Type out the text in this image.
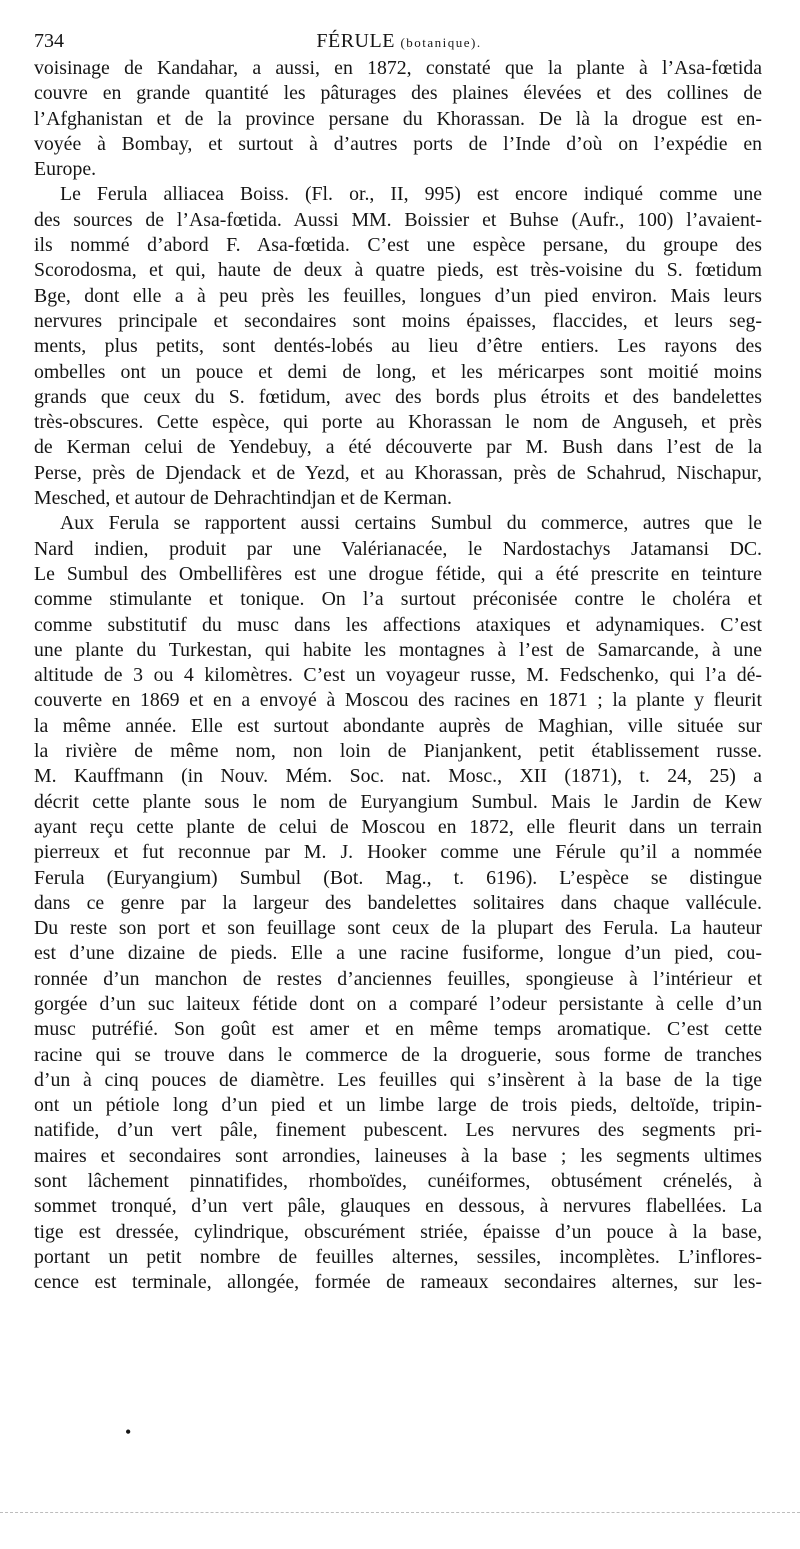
734	FÉRULE (botanique).
voisinage de Kandahar, a aussi, en 1872, constaté que la plante à l’Asa-fœtida
couvre en grande quantité les pâturages des plaines élevées et des collines de
l’Afghanistan et de la province persane du Khorassan. De là la drogue est en-
voyée à Bombay, et surtout à d’autres ports de l’Inde d’où on l’expédie en
Europe.
Le Ferula alliacea Boiss. (Fl. or., II, 995) est encore indiqué comme une
des sources de l’Asa-fœtida. Aussi MM. Boissier et Buhse (Aufr., 100) l’avaient-
ils nommé d’abord F. Asa-fœtida. C’est une espèce persane, du groupe des
Scorodosma, et qui, haute de deux à quatre pieds, est très-voisine du S. fœtidum
Bge, dont elle a à peu près les feuilles, longues d’un pied environ. Mais leurs
nervures principale et secondaires sont moins épaisses, flaccides, et leurs seg-
ments, plus petits, sont dentés-lobés au lieu d’être entiers. Les rayons des
ombelles ont un pouce et demi de long, et les méricarpes sont moitié moins
grands que ceux du S. fœtidum, avec des bords plus étroits et des bandelettes
très-obscures. Cette espèce, qui porte au Khorassan le nom de Anguseh, et près
de Kerman celui de Yendebuy, a été découverte par M. Bush dans l’est de la
Perse, près de Djendack et de Yezd, et au Khorassan, près de Schahrud, Nischapur,
Mesched, et autour de Dehrachtindjan et de Kerman.
Aux Ferula se rapportent aussi certains Sumbul du commerce, autres que le
Nard indien, produit par une Valérianacée, le Nardostachys Jatamansi DC.
Le Sumbul des Ombellifères est une drogue fétide, qui a été prescrite en teinture
comme stimulante et tonique. On l’a surtout préconisée contre le choléra et
comme substitutif du musc dans les affections ataxiques et adynamiques. C’est
une plante du Turkestan, qui habite les montagnes à l’est de Samarcande, à une
altitude de 3 ou 4 kilomètres. C’est un voyageur russe, M. Fedschenko, qui l’a dé-
couverte en 1869 et en a envoyé à Moscou des racines en 1871 ; la plante y fleurit
la même année. Elle est surtout abondante auprès de Maghian, ville située sur
la rivière de même nom, non loin de Pianjankent, petit établissement russe.
M. Kauffmann (in Nouv. Mém. Soc. nat. Mosc., XII (1871), t. 24, 25) a
décrit cette plante sous le nom de Euryangium Sumbul. Mais le Jardin de Kew
ayant reçu cette plante de celui de Moscou en 1872, elle fleurit dans un terrain
pierreux et fut reconnue par M. J. Hooker comme une Férule qu’il a nommée
Ferula (Euryangium) Sumbul (Bot. Mag., t. 6196). L’espèce se distingue
dans ce genre par la largeur des bandelettes solitaires dans chaque vallécule.
Du reste son port et son feuillage sont ceux de la plupart des Ferula. La hauteur
est d’une dizaine de pieds. Elle a une racine fusiforme, longue d’un pied, cou-
ronnée d’un manchon de restes d’anciennes feuilles, spongieuse à l’intérieur et
gorgée d’un suc laiteux fétide dont on a comparé l’odeur persistante à celle d’un
musc putréfié. Son goût est amer et en même temps aromatique. C’est cette
racine qui se trouve dans le commerce de la droguerie, sous forme de tranches
d’un à cinq pouces de diamètre. Les feuilles qui s’insèrent à la base de la tige
ont un pétiole long d’un pied et un limbe large de trois pieds, deltoïde, tripin-
natifide, d’un vert pâle, finement pubescent. Les nervures des segments pri-
maires et secondaires sont arrondies, laineuses à la base ; les segments ultimes
sont lâchement pinnatifides, rhomboïdes, cunéiformes, obtusément crénelés, à
sommet tronqué, d’un vert pâle, glauques en dessous, à nervures flabellées. La
tige est dressée, cylindrique, obscurément striée, épaisse d’un pouce à la base,
portant un petit nombre de feuilles alternes, sessiles, incomplètes. L’inflores-
cence est terminale, allongée, formée de rameaux secondaires alternes, sur les-
•
